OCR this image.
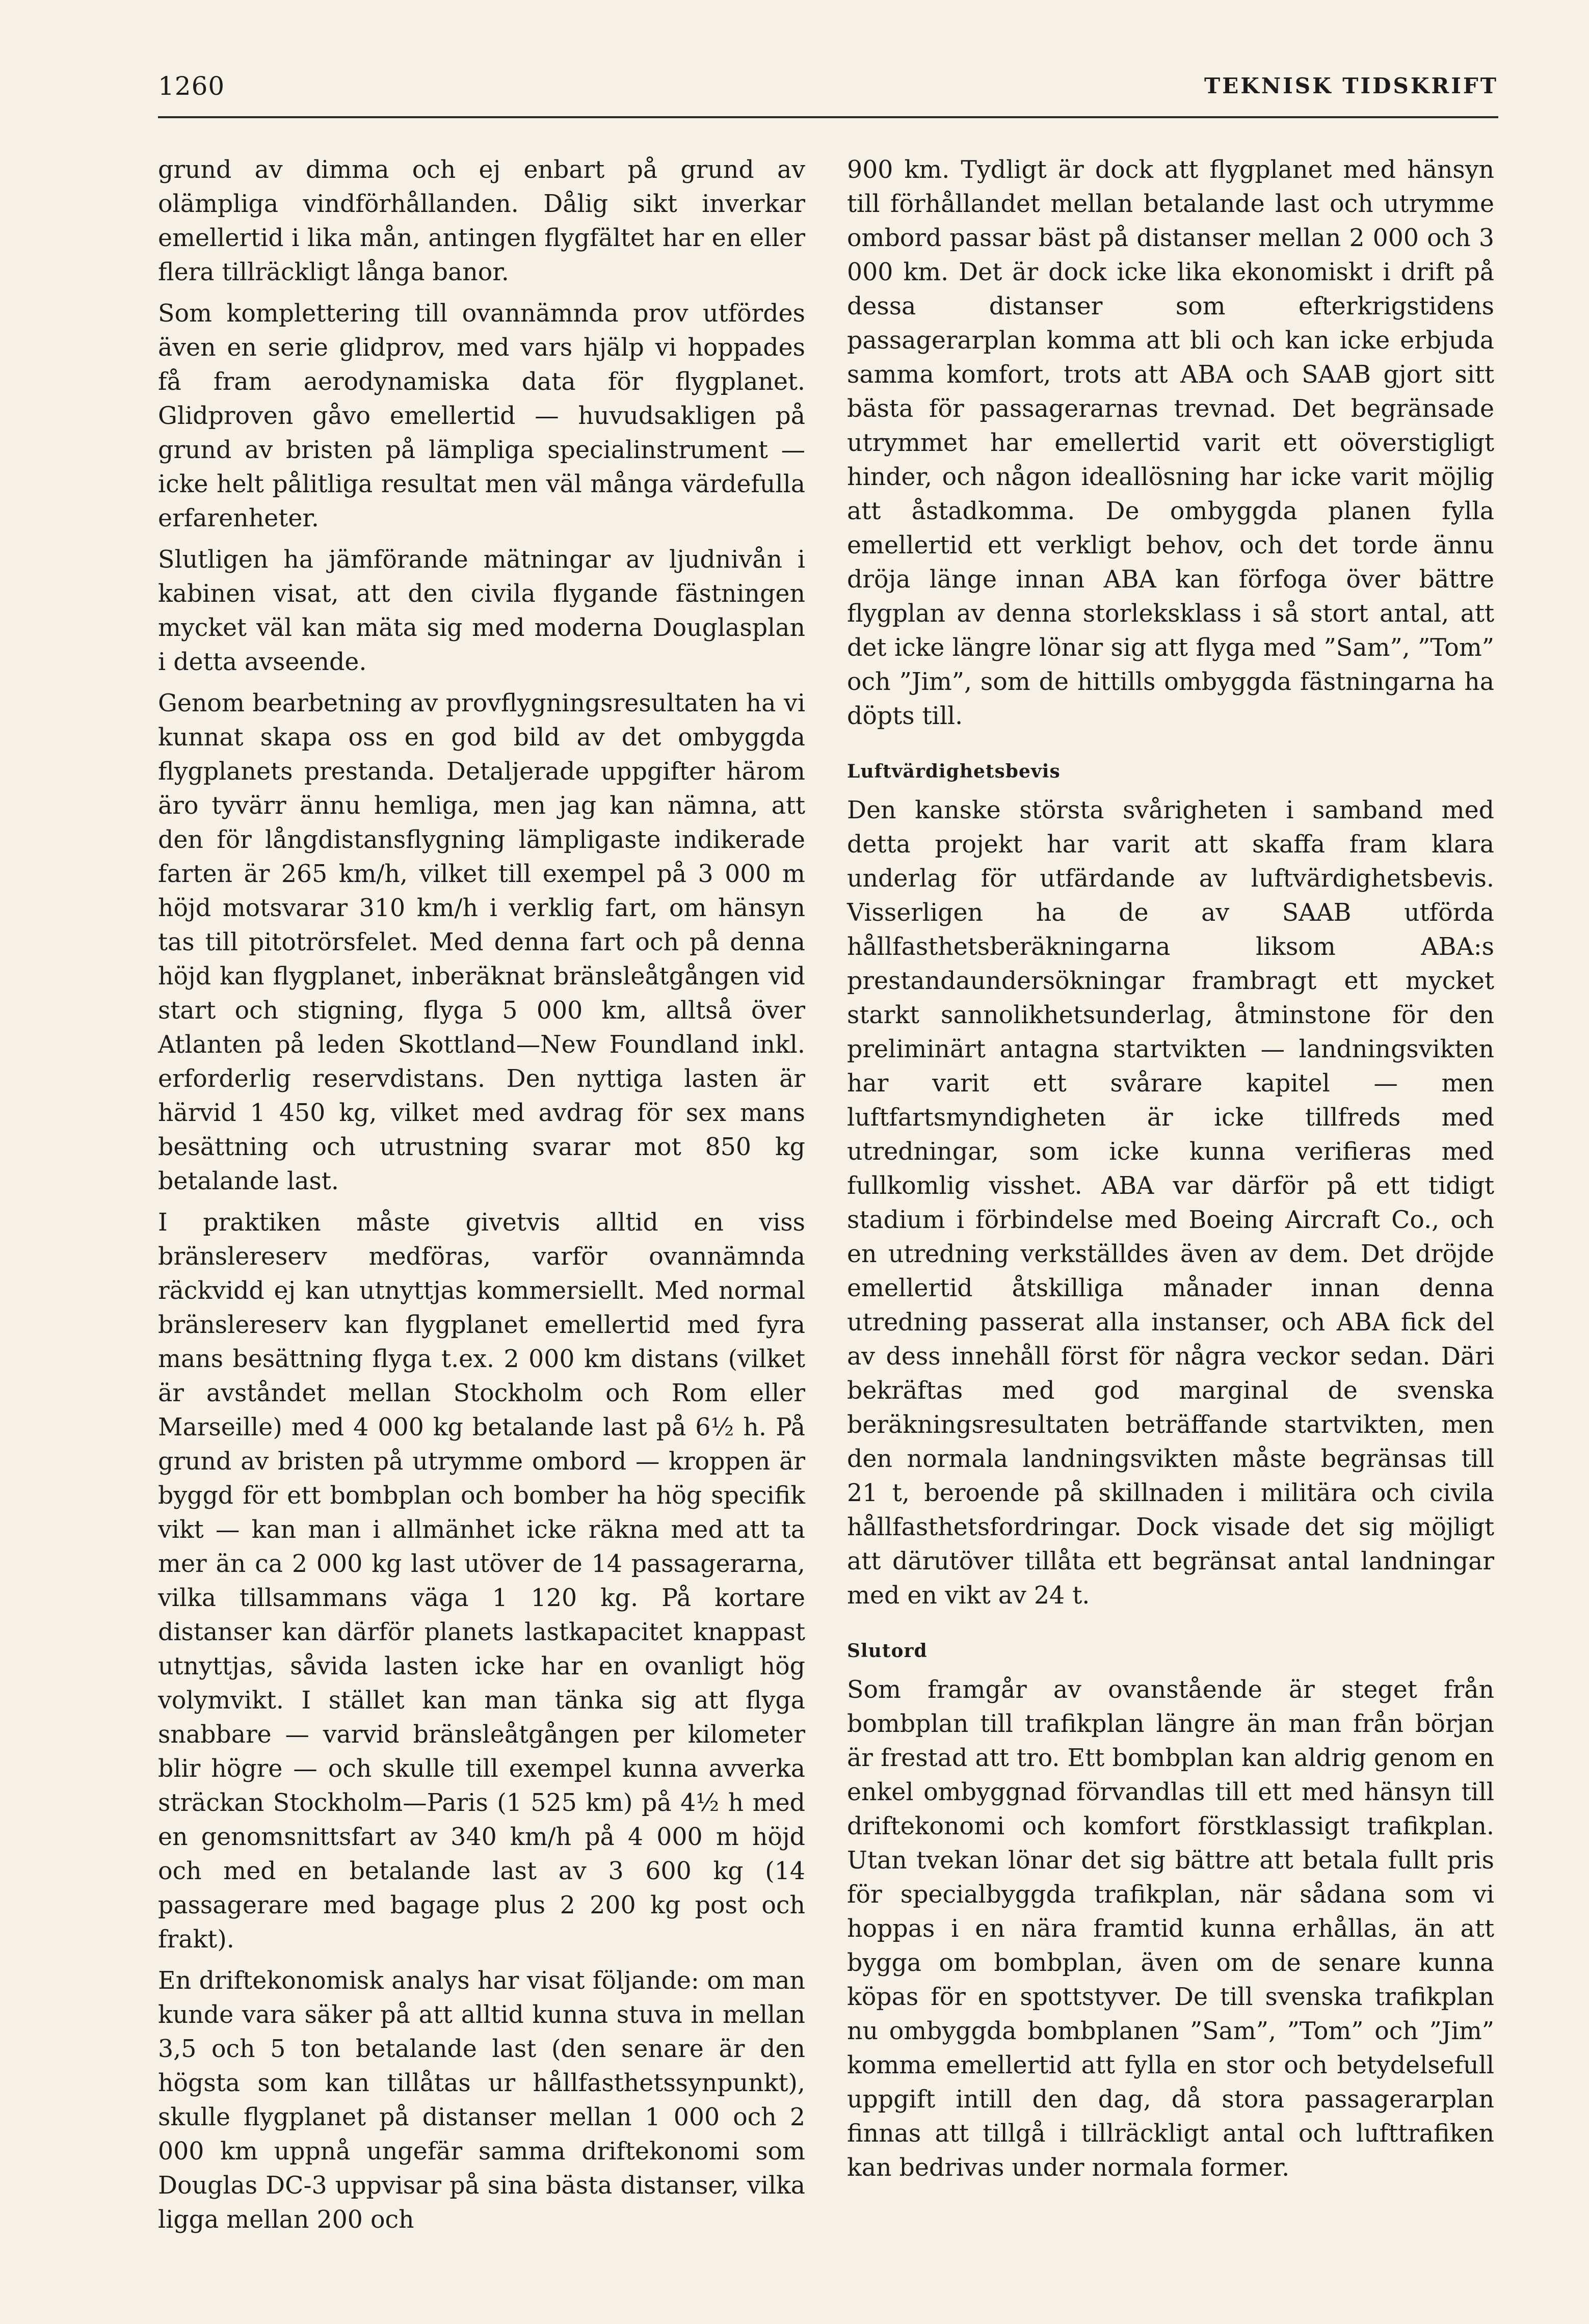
1260	TEKNISK TIDSKRIFT

grund av dimma och ej enbart på grund av olämpliga vindförhållanden. Dålig sikt inverkar emellertid i lika mån, antingen flygfältet har en eller flera tillräckligt långa banor.

Som komplettering till ovannämnda prov utfördes även en serie glidprov, med vars hjälp vi hoppades få fram aerodynamiska data för flygplanet. Glidproven gåvo emellertid — huvudsakligen på grund av bristen på lämpliga specialinstrument — icke helt pålitliga resultat men väl många värdefulla erfarenheter.

Slutligen ha jämförande mätningar av ljudnivån i kabinen visat, att den civila flygande fästningen mycket väl kan mäta sig med moderna Douglasplan i detta avseende.

Genom bearbetning av provflygningsresultaten ha vi kunnat skapa oss en god bild av det ombyggda flygplanets prestanda. Detaljerade uppgifter härom äro tyvärr ännu hemliga, men jag kan nämna, att den för långdistansflygning lämpligaste indikerade farten är 265 km/h, vilket till exempel på 3 000 m höjd motsvarar 310 km/h i verklig fart, om hänsyn tas till pitotrörsfelet. Med denna fart och på denna höjd kan flygplanet, inberäknat bränsleåtgången vid start och stigning, flyga 5 000 km, alltså över Atlanten på leden Skottland—New Foundland inkl. erforderlig reservdistans. Den nyttiga lasten är härvid 1 450 kg, vilket med avdrag för sex mans besättning och utrustning svarar mot 850 kg betalande last.

I praktiken måste givetvis alltid en viss bränslereserv medföras, varför ovannämnda räckvidd ej kan utnyttjas kommersiellt. Med normal bränslereserv kan flygplanet emellertid med fyra mans besättning flyga t.ex. 2 000 km distans (vilket är avståndet mellan Stockholm och Rom eller Marseille) med 4 000 kg betalande last på 6½ h. På grund av bristen på utrymme ombord — kroppen är byggd för ett bombplan och bomber ha hög specifik vikt — kan man i allmänhet icke räkna med att ta mer än ca 2 000 kg last utöver de 14 passagerarna, vilka tillsammans väga 1 120 kg. På kortare distanser kan därför planets lastkapacitet knappast utnyttjas, såvida lasten icke har en ovanligt hög volymvikt. I stället kan man tänka sig att flyga snabbare — varvid bränsleåtgången per kilometer blir högre — och skulle till exempel kunna avverka sträckan Stockholm—Paris (1 525 km) på 4½ h med en genomsnittsfart av 340 km/h på 4 000 m höjd och med en betalande last av 3 600 kg (14 passagerare med bagage plus 2 200 kg post och frakt).

En driftekonomisk analys har visat följande: om man kunde vara säker på att alltid kunna stuva in mellan 3,5 och 5 ton betalande last (den senare är den högsta som kan tillåtas ur hållfasthetssynpunkt), skulle flygplanet på distanser mellan 1 000 och 2 000 km uppnå ungefär samma driftekonomi som Douglas DC-3 uppvisar på sina bästa distanser, vilka ligga mellan 200 och

900 km. Tydligt är dock att flygplanet med hänsyn till förhållandet mellan betalande last och utrymme ombord passar bäst på distanser mellan 2 000 och 3 000 km. Det är dock icke lika ekonomiskt i drift på dessa distanser som efterkrigstidens passagerarplan komma att bli och kan icke erbjuda samma komfort, trots att ABA och SAAB gjort sitt bästa för passagerarnas trevnad. Det begränsade utrymmet har emellertid varit ett oöverstigligt hinder, och någon ideallösning har icke varit möjlig att åstadkomma. De ombyggda planen fylla emellertid ett verkligt behov, och det torde ännu dröja länge innan ABA kan förfoga över bättre flygplan av denna storleksklass i så stort antal, att det icke längre lönar sig att flyga med ”Sam”, ”Tom” och ”Jim”, som de hittills ombyggda fästningarna ha döpts till.

Luftvärdighetsbevis

Den kanske största svårigheten i samband med detta projekt har varit att skaffa fram klara underlag för utfärdande av luftvärdighetsbevis. Visserligen ha de av SAAB utförda hållfasthetsberäkningarna liksom ABA:s prestandaundersökningar frambragt ett mycket starkt sannolikhetsunderlag, åtminstone för den preliminärt antagna startvikten — landningsvikten har varit ett svårare kapitel — men luftfartsmyndigheten är icke tillfreds med utredningar, som icke kunna verifieras med fullkomlig visshet. ABA var därför på ett tidigt stadium i förbindelse med Boeing Aircraft Co., och en utredning verkställdes även av dem. Det dröjde emellertid åtskilliga månader innan denna utredning passerat alla instanser, och ABA fick del av dess innehåll först för några veckor sedan. Däri bekräftas med god marginal de svenska beräkningsresultaten beträffande startvikten, men den normala landningsvikten måste begränsas till 21 t, beroende på skillnaden i militära och civila hållfasthetsfordringar. Dock visade det sig möjligt att därutöver tillåta ett begränsat antal landningar med en vikt av 24 t.

Slutord

Som framgår av ovanstående är steget från bombplan till trafikplan längre än man från början är frestad att tro. Ett bombplan kan aldrig genom en enkel ombyggnad förvandlas till ett med hänsyn till driftekonomi och komfort förstklassigt trafikplan. Utan tvekan lönar det sig bättre att betala fullt pris för specialbyggda trafikplan, när sådana som vi hoppas i en nära framtid kunna erhållas, än att bygga om bombplan, även om de senare kunna köpas för en spottstyver. De till svenska trafikplan nu ombyggda bombplanen ”Sam”, ”Tom” och ”Jim” komma emellertid att fylla en stor och betydelsefull uppgift intill den dag, då stora passagerarplan finnas att tillgå i tillräckligt antal och lufttrafiken kan bedrivas under normala former.
